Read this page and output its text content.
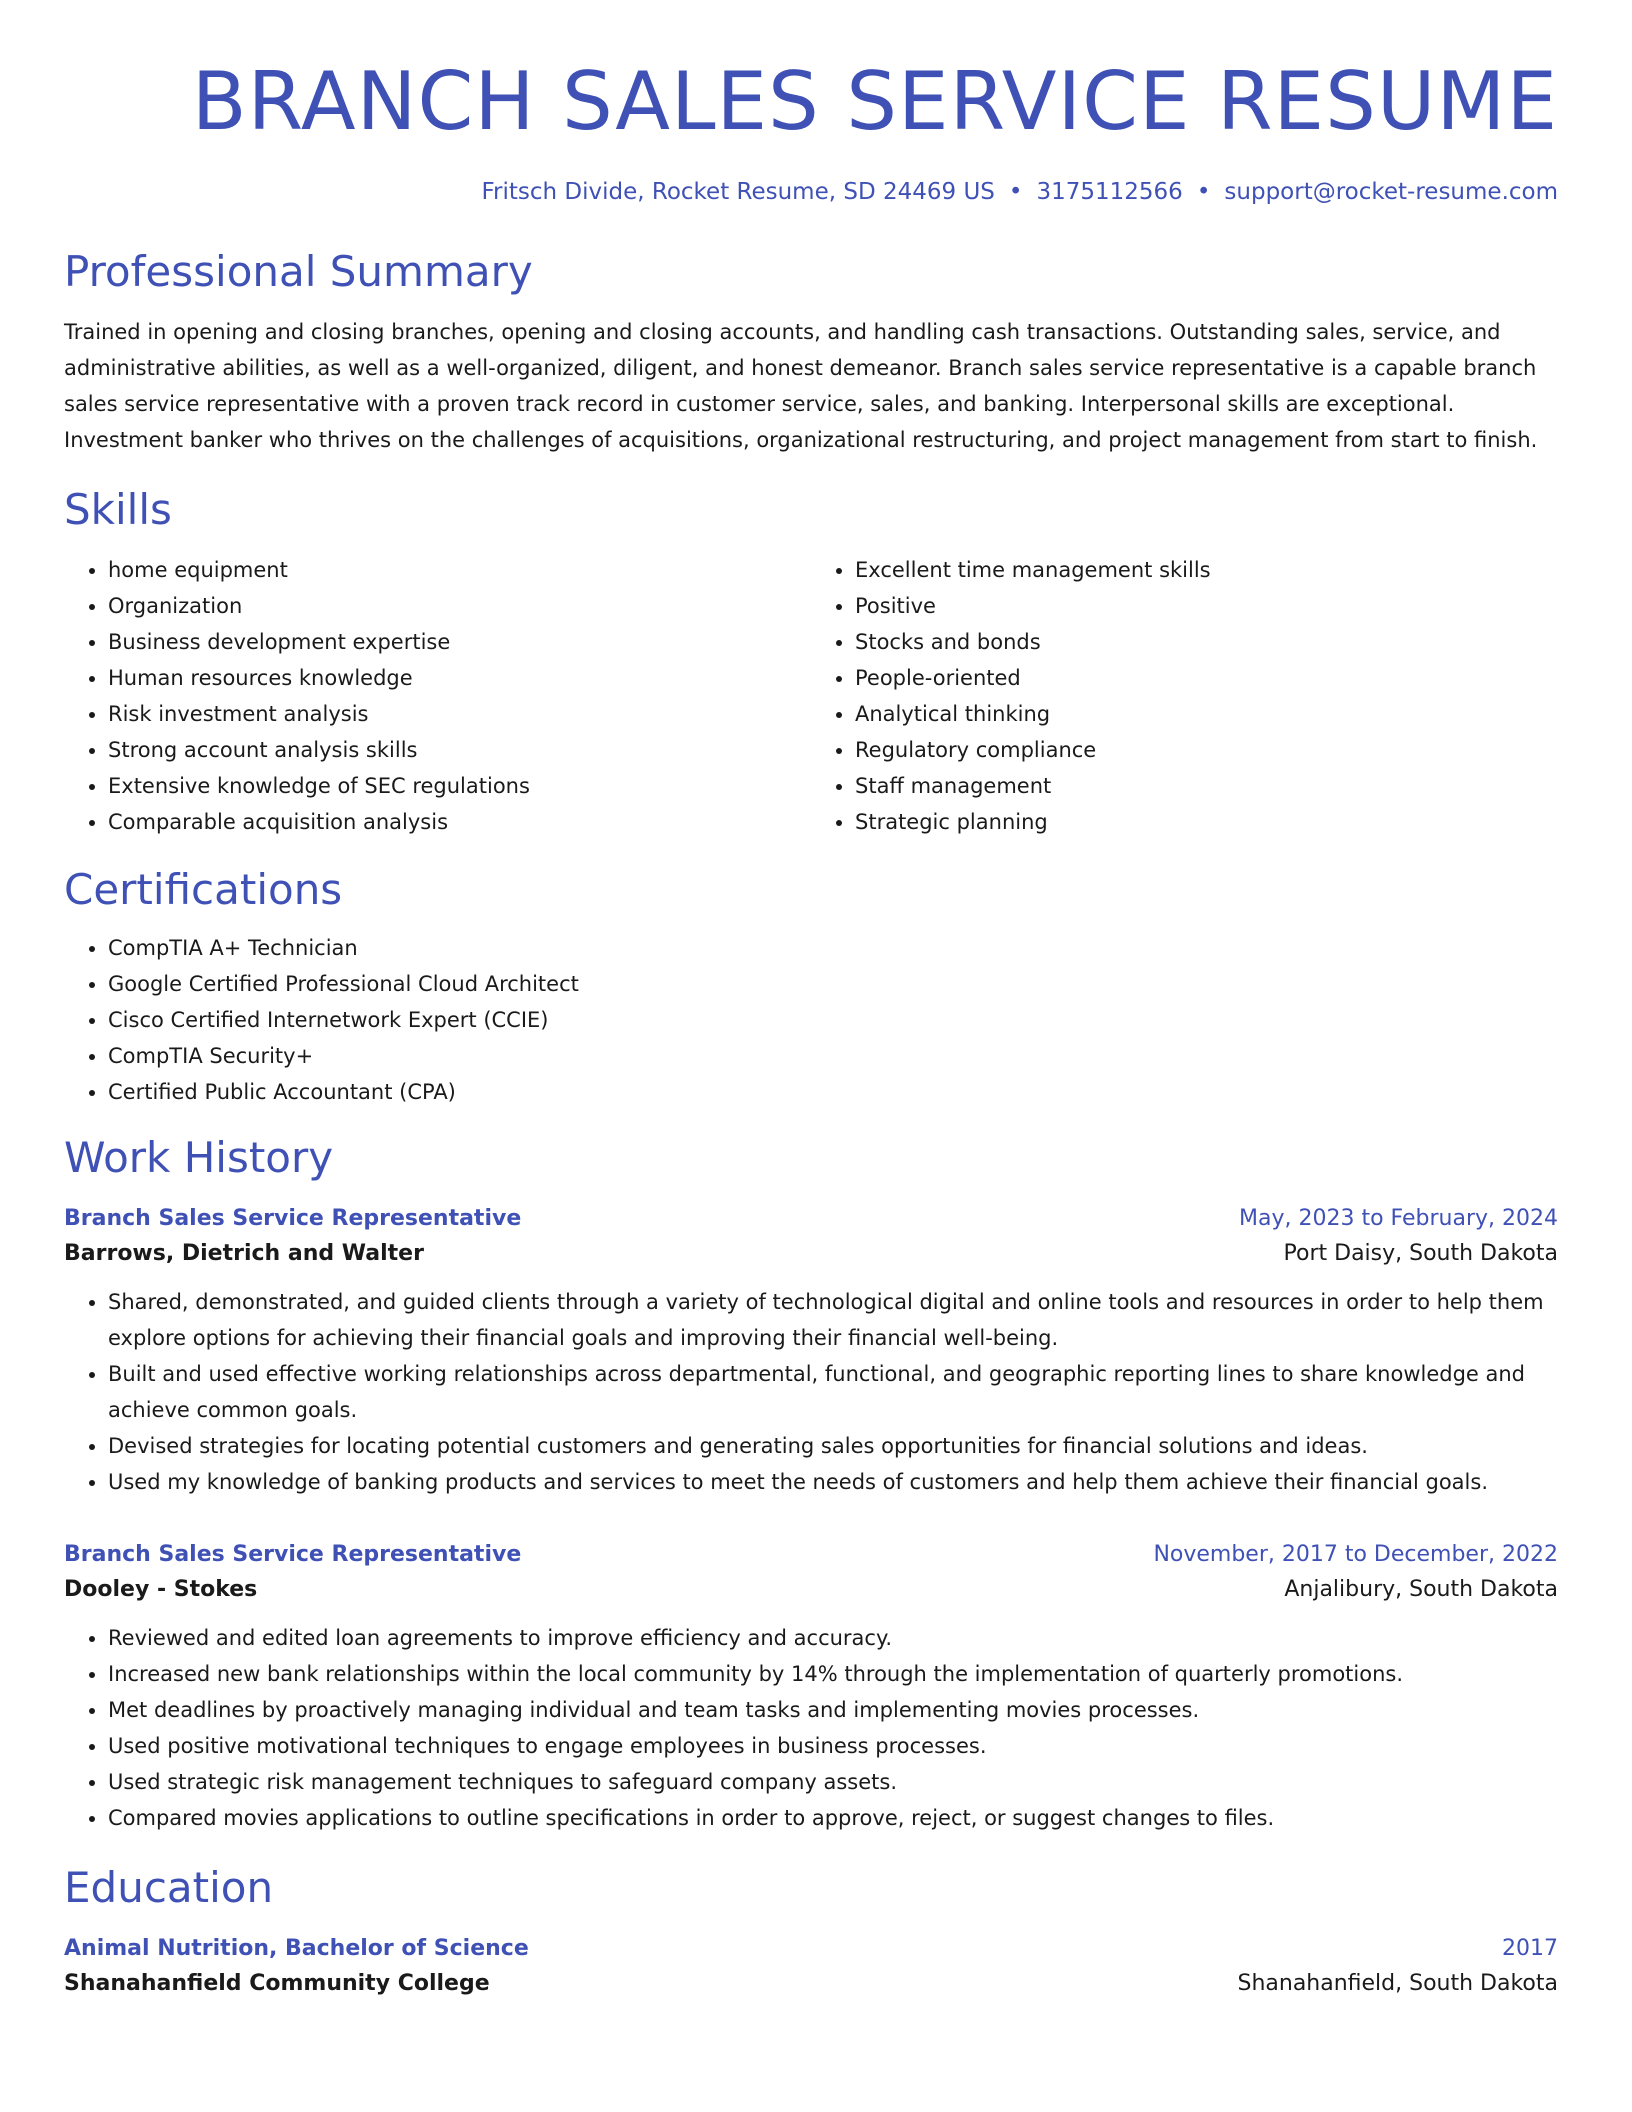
BRANCH SALES SERVICE RESUME
Fritsch Divide, Rocket Resume, SD 24469 US • 3175112566 • support@rocket-resume.com
Professional Summary

Trained in opening and closing branches, opening and closing accounts, and handling cash transactions. Outstanding sales, service, and administrative abilities, as well as a well-organized, diligent, and honest demeanor. Branch sales service representative is a capable branch sales service representative with a proven track record in customer service, sales, and banking. Interpersonal skills are exceptional. Investment banker who thrives on the challenges of acquisitions, organizational restructuring, and project management from start to finish.

Skills
• home equipment
• Organization
• Business development expertise
• Human resources knowledge
• Risk investment analysis
• Strong account analysis skills
• Extensive knowledge of SEC regulations
• Comparable acquisition analysis
• Excellent time management skills
• Positive
• Stocks and bonds
• People-oriented
• Analytical thinking
• Regulatory compliance
• Staff management
• Strategic planning
Certifications
• CompTIA A+ Technician
• Google Certified Professional Cloud Architect
• Cisco Certified Internetwork Expert (CCIE)
• CompTIA Security+
• Certified Public Accountant (CPA)
Work History
Branch Sales Service Representative	May, 2023 to February, 2024
Barrows, Dietrich and Walter	Port Daisy, South Dakota
• Shared, demonstrated, and guided clients through a variety of technological digital and online tools and resources in order to help them explore options for achieving their financial goals and improving their financial well-being.
• Built and used effective working relationships across departmental, functional, and geographic reporting lines to share knowledge and achieve common goals.
• Devised strategies for locating potential customers and generating sales opportunities for financial solutions and ideas.
• Used my knowledge of banking products and services to meet the needs of customers and help them achieve their financial goals.
Branch Sales Service Representative	November, 2017 to December, 2022
Dooley - Stokes	Anjalibury, South Dakota
• Reviewed and edited loan agreements to improve efficiency and accuracy.
• Increased new bank relationships within the local community by 14% through the implementation of quarterly promotions.
• Met deadlines by proactively managing individual and team tasks and implementing movies processes.
• Used positive motivational techniques to engage employees in business processes.
• Used strategic risk management techniques to safeguard company assets.
• Compared movies applications to outline specifications in order to approve, reject, or suggest changes to files.
Education
Animal Nutrition, Bachelor of Science	2017
Shanahanfield Community College	Shanahanfield, South Dakota
